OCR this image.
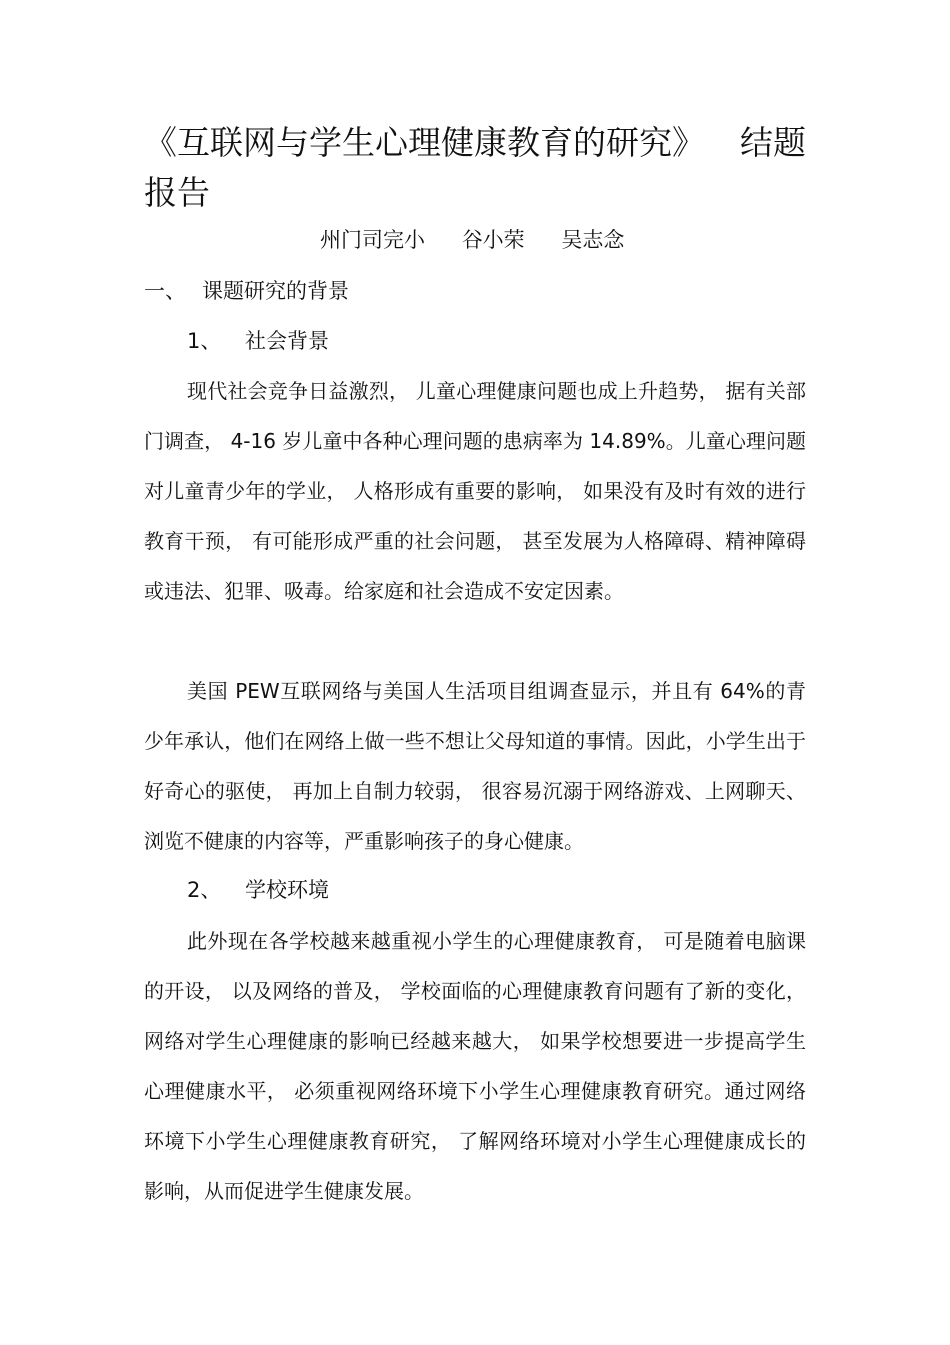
《互联网与学生心理健康教育的研究》 结题
报告
州门司完小 谷小荣 吴志念
一、 课题研究的背景
1、 社会背景

现代社会竞争日益激烈， 儿童心理健康问题也成上升趋势， 据有关部门调查， 4-16 岁儿童中各种心理问题的患病率为 14.89%。儿童心理问题对儿童青少年的学业， 人格形成有重要的影响， 如果没有及时有效的进行教育干预， 有可能形成严重的社会问题， 甚至发展为人格障碍、精神障碍或违法、犯罪、吸毒。给家庭和社会造成不安定因素。

美国 PEW互联网络与美国人生活项目组调查显示，并且有 64%的青少年承认，他们在网络上做一些不想让父母知道的事情。因此，小学生出于好奇心的驱使， 再加上自制力较弱， 很容易沉溺于网络游戏、上网聊天、浏览不健康的内容等，严重影响孩子的身心健康。

2、 学校环境

此外现在各学校越来越重视小学生的心理健康教育， 可是随着电脑课的开设， 以及网络的普及， 学校面临的心理健康教育问题有了新的变化，网络对学生心理健康的影响已经越来越大， 如果学校想要进一步提高学生心理健康水平， 必须重视网络环境下小学生心理健康教育研究。通过网络环境下小学生心理健康教育研究， 了解网络环境对小学生心理健康成长的影响，从而促进学生健康发展。
